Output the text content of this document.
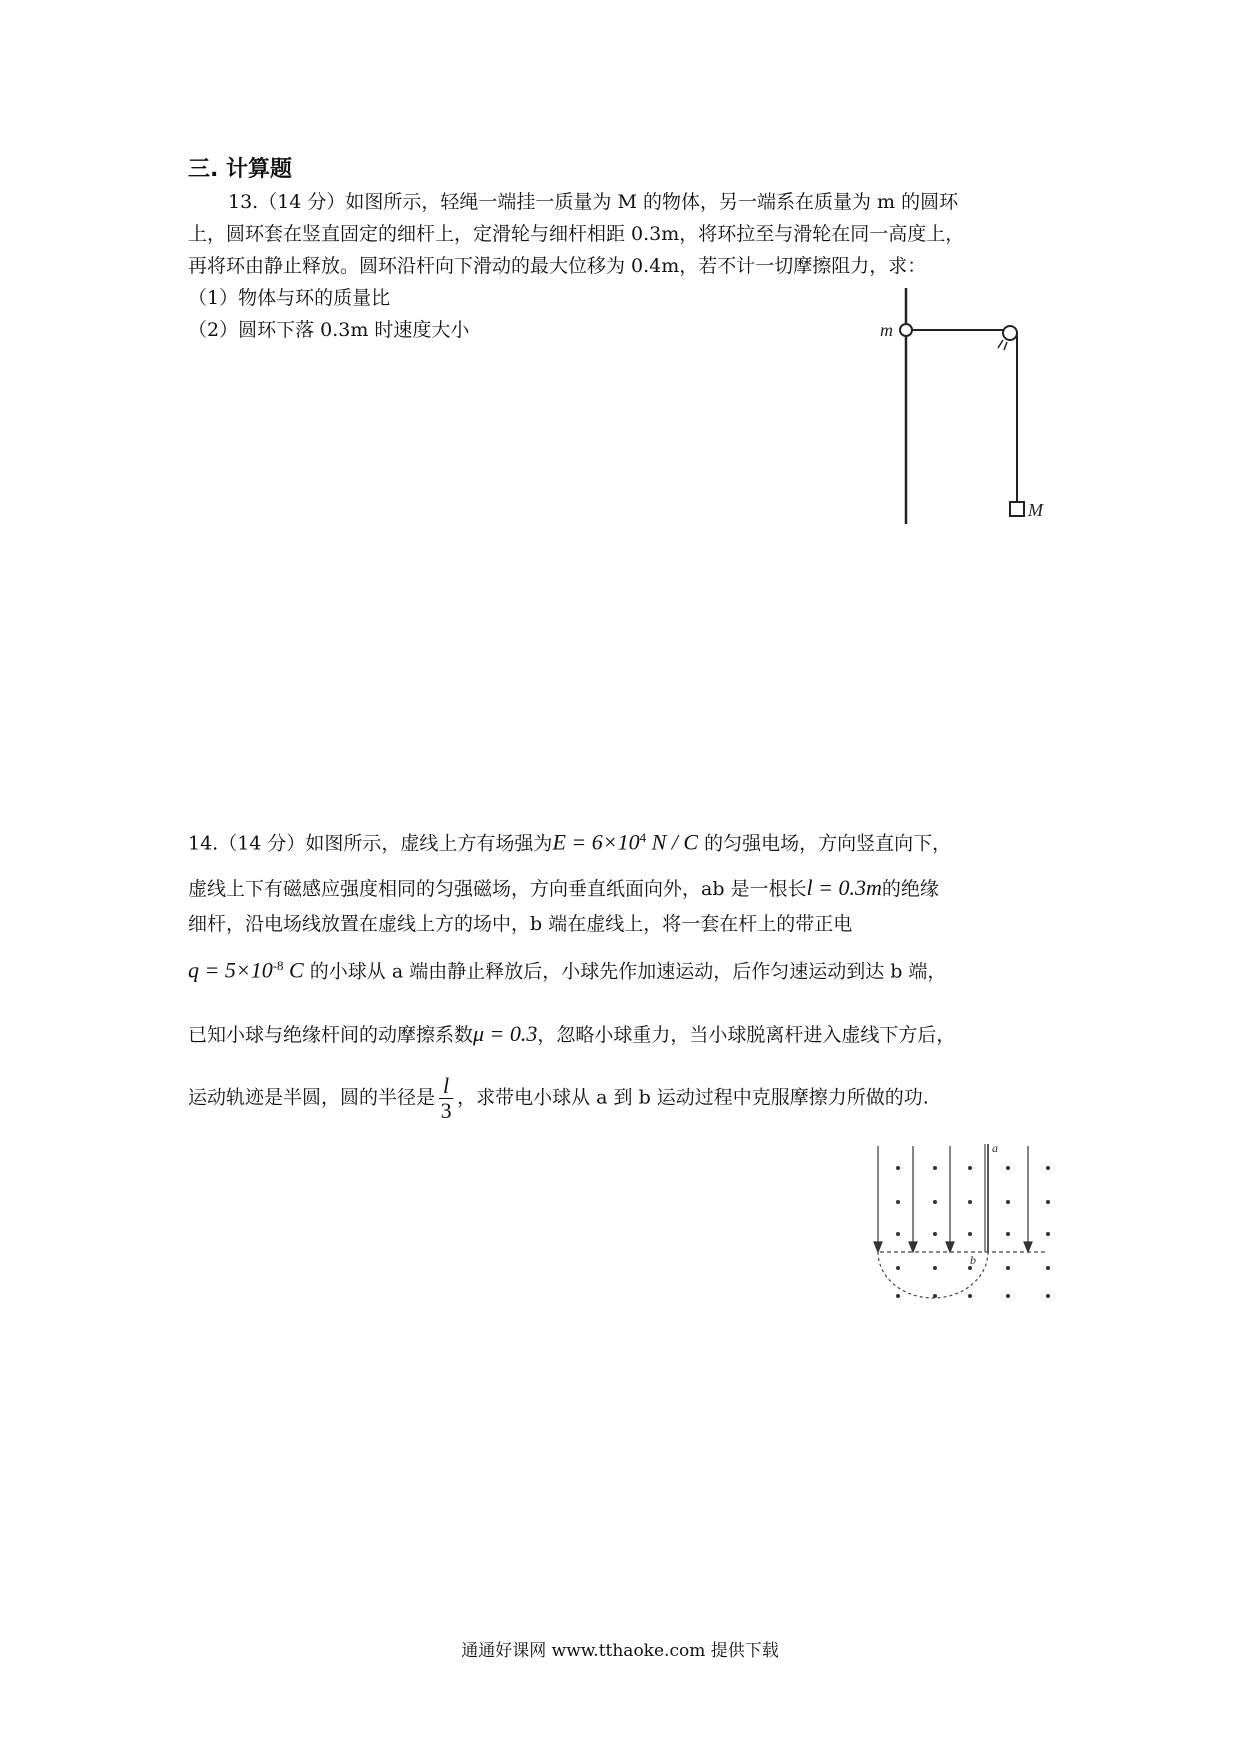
三. 计算题
13.（14 分）如图所示，轻绳一端挂一质量为 M 的物体，另一端系在质量为 m 的圆环
上，圆环套在竖直固定的细杆上，定滑轮与细杆相距 0.3m，将环拉至与滑轮在同一高度上，
再将环由静止释放。圆环沿杆向下滑动的最大位移为 0.4m，若不计一切摩擦阻力，求：
（1）物体与环的质量比
（2）圆环下落 0.3m 时速度大小	m
M
14.（14 分）如图所示，虚线上方有场强为$E = 6\times 10^4$ N / C 的匀强电场，方向竖直向下，
虚线上下有磁感应强度相同的匀强磁场，方向垂直纸面向外，ab 是一根长l = 0.3m的绝缘
细杆，沿电场线放置在虚线上方的场中，b 端在虚线上，将一套在杆上的带正电
$q = 5\times 10^{-8}$ C 的小球从 a 端由静止释放后，小球先作加速运动，后作匀速运动到达 b 端，
已知小球与绝缘杆间的动摩擦系数μ = 0.3，忽略小球重力，当小球脱离杆进入虚线下方后，
运动轨迹是半圆，圆的半径是 $\frac{l}{3}$ ，求带电小球从 a 到 b 运动过程中克服摩擦力所做的功.
a
b
通通好课网 www.tthaoke.com 提供下载
